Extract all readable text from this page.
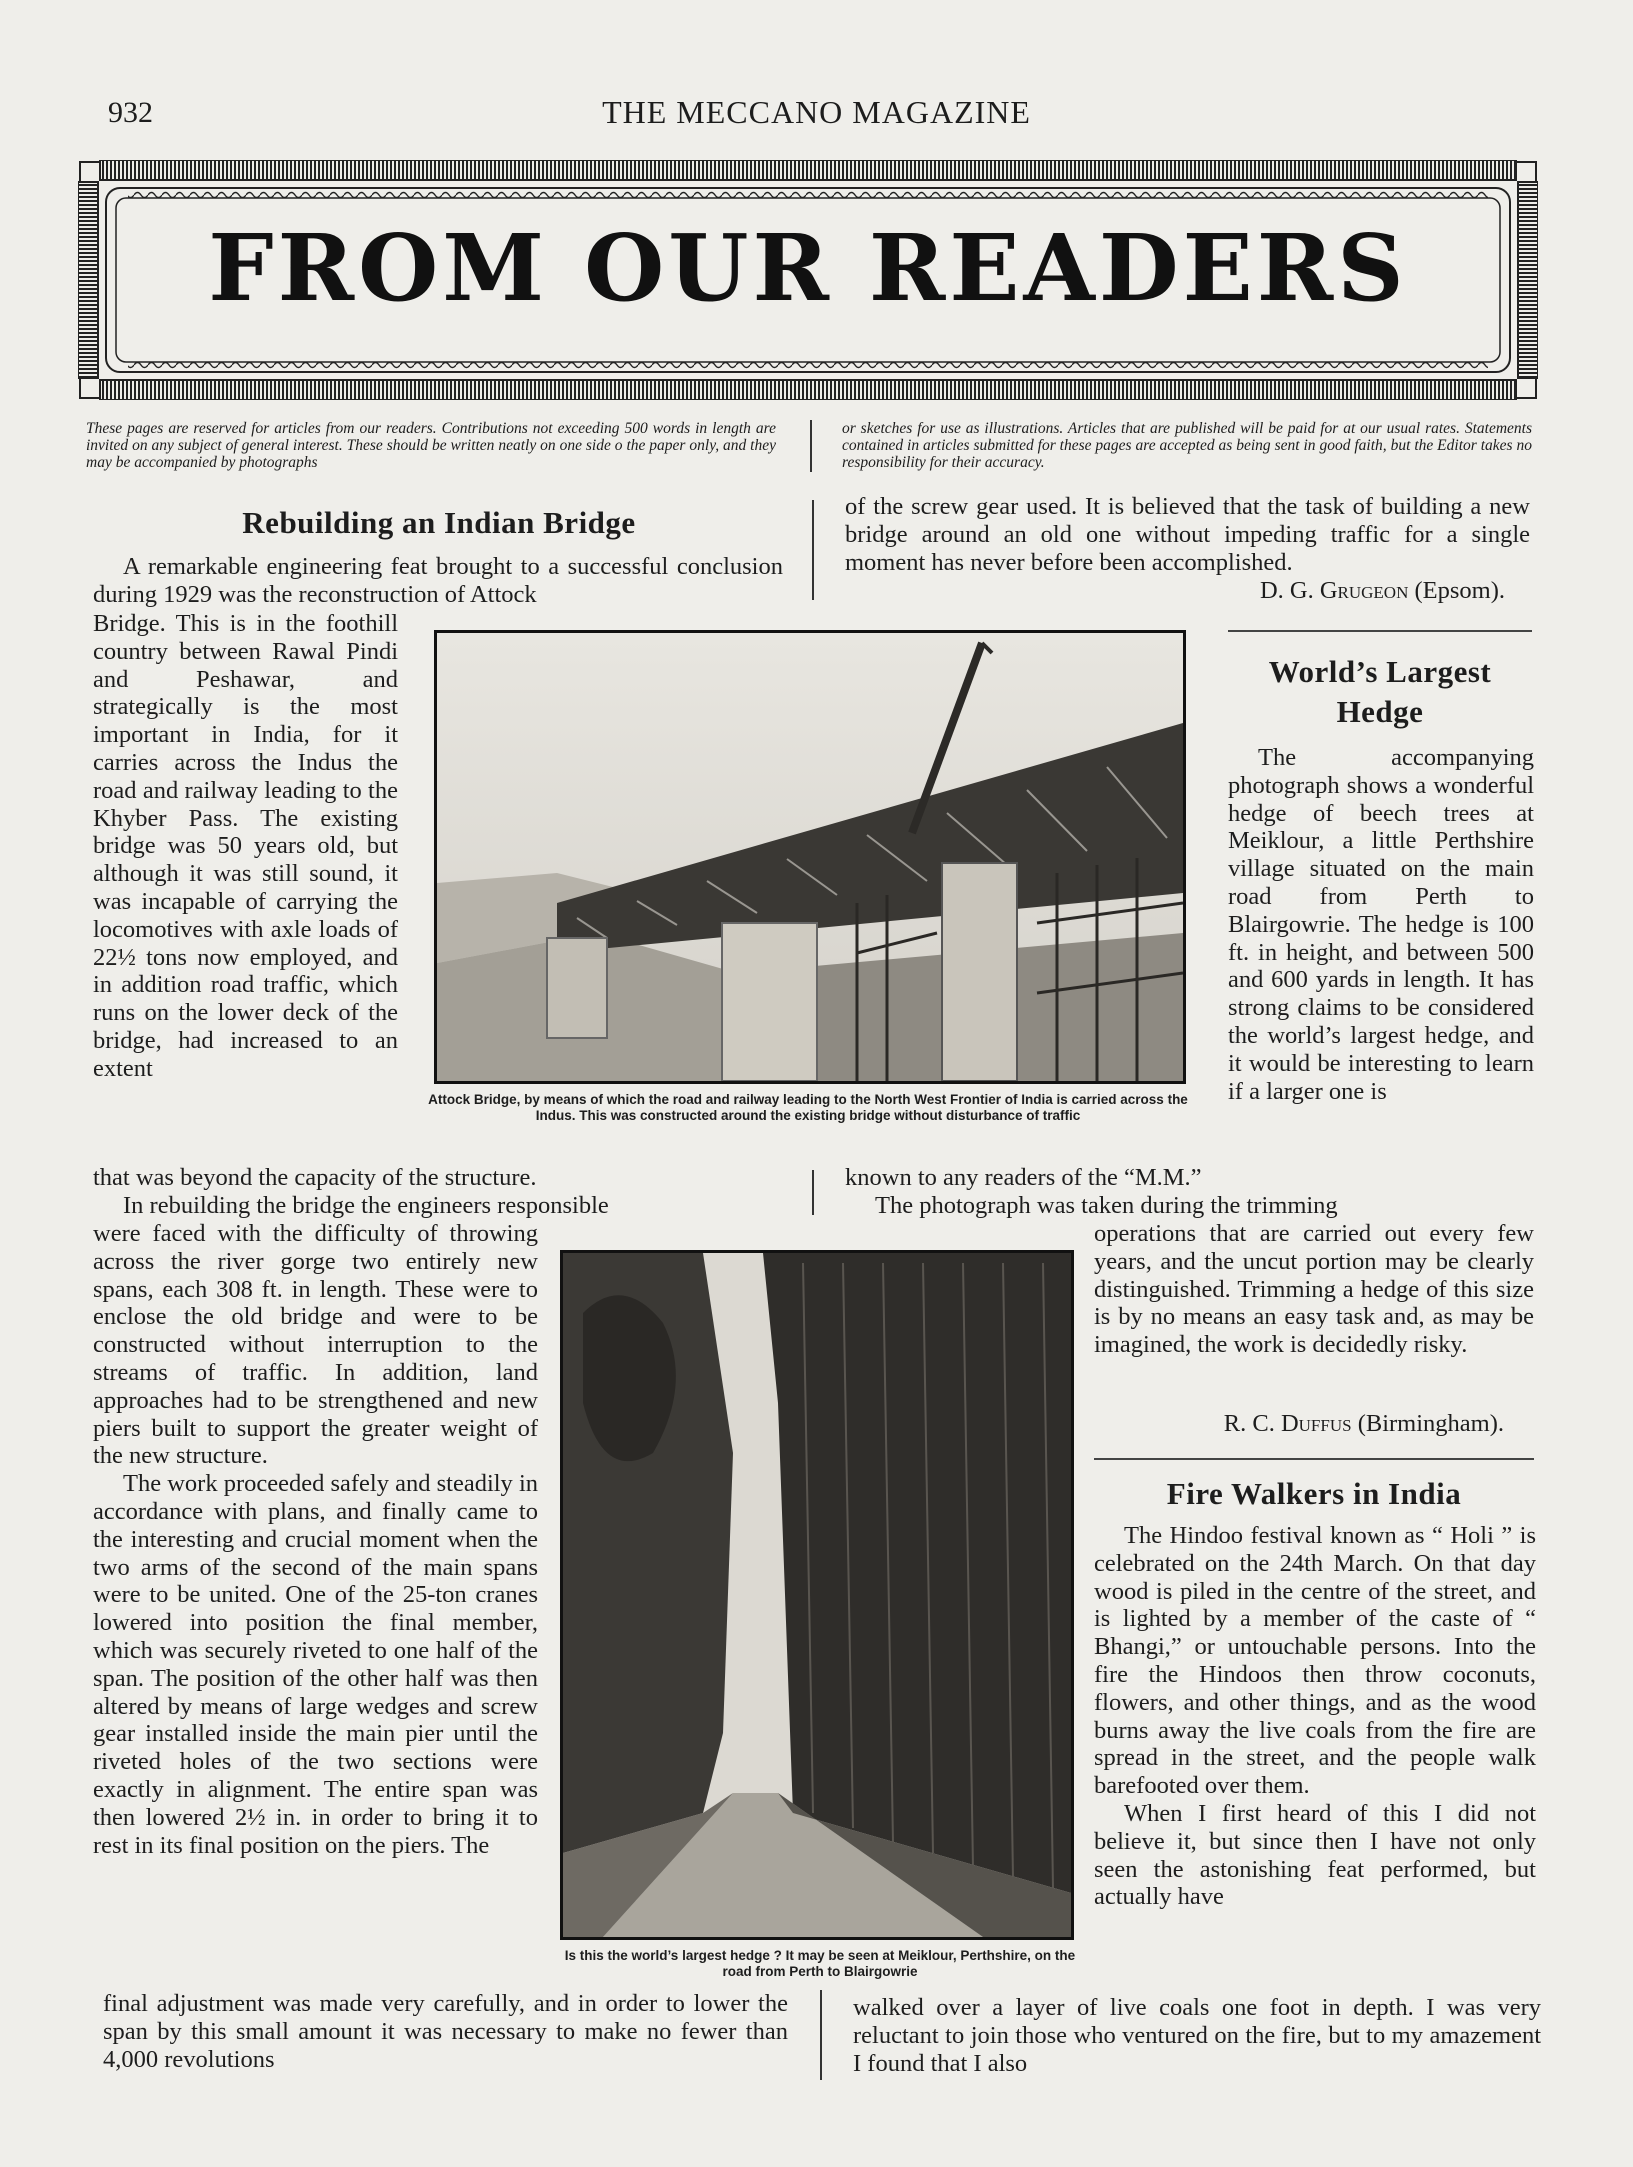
932	THE MECCANO MAGAZINE
FROM OUR READERS
These pages are reserved for articles from our readers. Contributions not exceeding 500 words in length are invited on any subject of general interest. These should be written neatly on one side o the paper only, and they may be accompanied by photographs
or sketches for use as illustrations. Articles that are published will be paid for at our usual rates. Statements contained in articles submitted for these pages are accepted as being sent in good faith, but the Editor takes no responsibility for their accuracy.
Rebuilding an Indian Bridge

A remarkable engineering feat brought to a successful conclusion during 1929 was the reconstruction of Attock

Bridge. This is in the foothill country between Rawal Pindi and Peshawar, and strategically is the most important in India, for it carries across the Indus the road and railway leading to the Khyber Pass. The existing bridge was 50 years old, but although it was still sound, it was incapable of carrying the locomotives with axle loads of 22½ tons now employed, and in addition road traffic, which runs on the lower deck of the bridge, had increased to an extent

that was beyond the capacity of the structure.

In rebuilding the bridge the engineers responsible

were faced with the difficulty of throwing across the river gorge two entirely new spans, each 308 ft. in length. These were to enclose the old bridge and were to be constructed without interruption to the streams of traffic. In addition, land approaches had to be strengthened and new piers built to support the greater weight of the new structure.

The work proceeded safely and steadily in accordance with plans, and finally came to the interesting and crucial moment when the two arms of the second of the main spans were to be united. One of the 25-ton cranes lowered into position the final member, which was securely riveted to one half of the span. The position of the other half was then altered by means of large wedges and screw gear installed inside the main pier until the riveted holes of the two sections were exactly in alignment. The entire span was then lowered 2½ in. in order to bring it to rest in its final position on the piers. The

final adjustment was made very carefully, and in order to lower the span by this small amount it was necessary to make no fewer than 4,000 revolutions

of the screw gear used. It is believed that the task of building a new bridge around an old one without impeding traffic for a single moment has never before been accomplished.

D. G. Grugeon (Epsom).
Attock Bridge, by means of which the road and railway leading to the North West Frontier of India is carried across the Indus. This was constructed around the existing bridge without disturbance of traffic
World’s Largest
Hedge

The accompanying photograph shows a wonderful hedge of beech trees at Meiklour, a little Perthshire village situated on the main road from Perth to Blairgowrie. The hedge is 100 ft. in height, and between 500 and 600 yards in length. It has strong claims to be considered the world’s largest hedge, and it would be interesting to learn if a larger one is

known to any readers of the “M.M.”

The photograph was taken during the trimming

operations that are carried out every few years, and the uncut portion may be clearly distinguished. Trimming a hedge of this size is by no means an easy task and, as may be imagined, the work is decidedly risky.

R. C. Duffus (Birmingham).
Is this the world’s largest hedge ? It may be seen at Meiklour, Perthshire, on the road from Perth to Blairgowrie
Fire Walkers in India

The Hindoo festival known as “ Holi ” is celebrated on the 24th March. On that day wood is piled in the centre of the street, and is lighted by a member of the caste of “ Bhangi,” or untouchable persons. Into the fire the Hindoos then throw coconuts, flowers, and other things, and as the wood burns away the live coals from the fire are spread in the street, and the people walk barefooted over them.

When I first heard of this I did not believe it, but since then I have not only seen the astonishing feat performed, but actually have

walked over a layer of live coals one foot in depth. I was very reluctant to join those who ventured on the fire, but to my amazement I found that I also
